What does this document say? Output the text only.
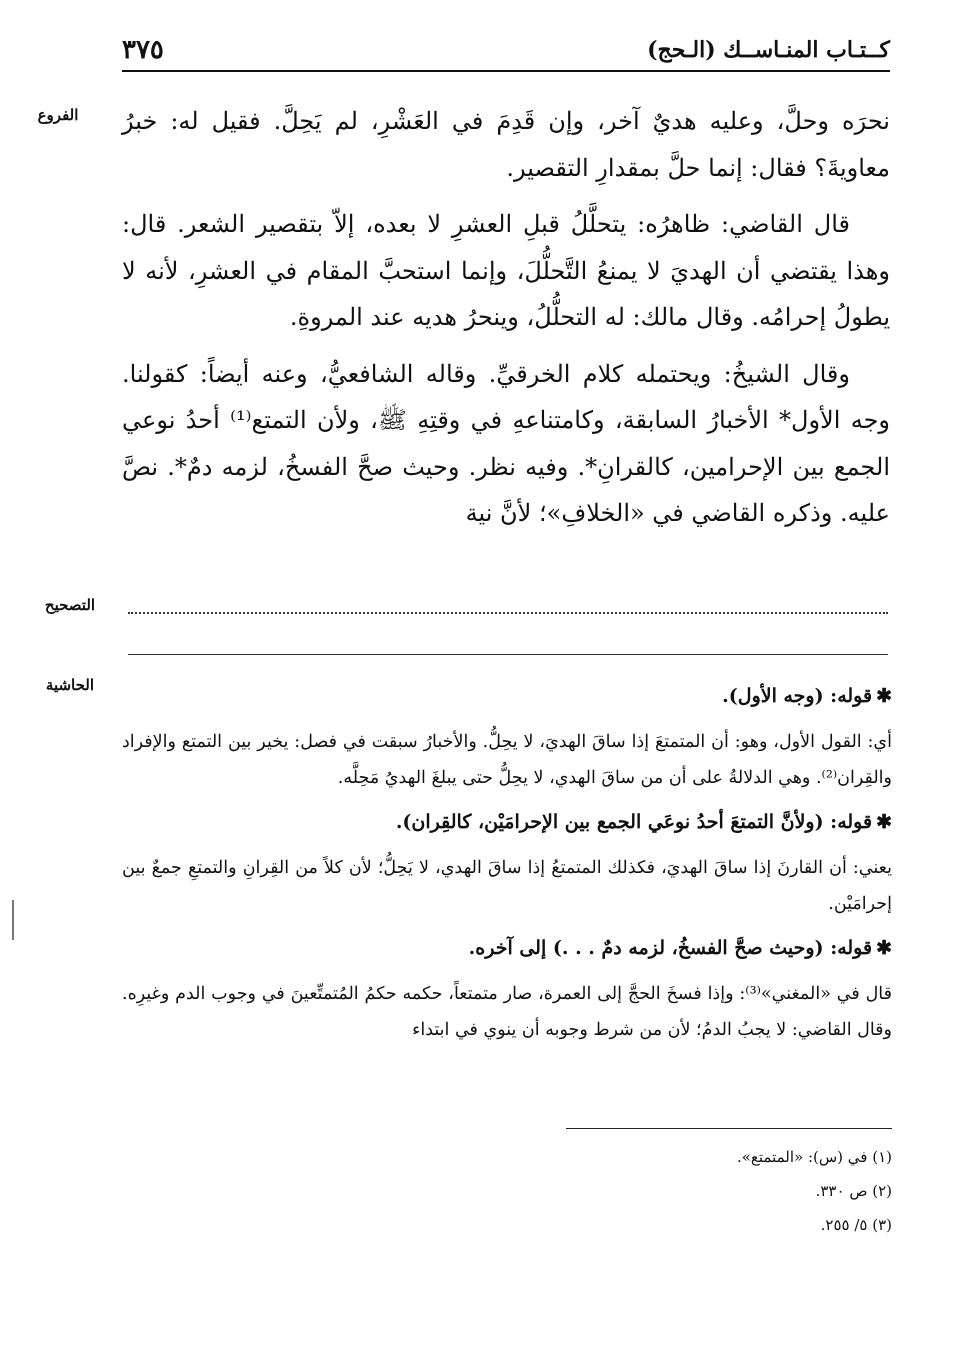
كــتـاب المنـاســك (الـحج)
٣٧٥
الفروع
التصحيح
الحاشية

نحرَه وحلَّ، وعليه هديٌ آخر، وإن قَدِمَ في العَشْرِ، لم يَحِلَّ. فقيل له: خبرُ معاويةَ؟ فقال: إنما حلَّ بمقدارِ التقصير.

قال القاضي: ظاهرُه: يتحلَّلُ قبلِ العشرِ لا بعده، إلاّ بتقصير الشعر. قال: وهذا يقتضي أن الهديَ لا يمنعُ التَّحلُّلَ، وإنما استحبَّ المقام في العشرِ، لأنه لا يطولُ إحرامُه. وقال مالك: له التحلُّلُ، وينحرُ هديه عند المروةِ.

وقال الشيخُ: ويحتمله كلام الخرقيِّ. وقاله الشافعيُّ، وعنه أيضاً: كقولنا. وجه الأول* الأخبارُ السابقة، وكامتناعهِ في وقتِهِ ﷺ، ولأن التمتع⁽¹⁾ أحدُ نوعي الجمع بين الإحرامين، كالقرانِ*. وفيه نظر. وحيث صحَّ الفسخُ، لزمه دمٌ*. نصَّ عليه. وذكره القاضي في «الخلافِ»؛ لأنَّ نية

✱قوله: (وجه الأول).

أي: القول الأول، وهو: أن المتمتعَ إذا ساقَ الهديَ، لا يحِلُّ. والأخبارُ سبقت في فصل: يخير بين التمتع والإفراد والقِران⁽²⁾. وهي الدلالةُ على أن من ساقَ الهدي، لا يحِلُّ حتى يبلغَ الهديُ مَحِلَّه.

✱قوله: (ولأنَّ التمتعَ أحدُ نوعَي الجمع بين الإحرامَيْن، كالقِران).

يعني: أن القارنَ إذا ساقَ الهديَ، فكذلك المتمتعُ إذا ساقَ الهدي، لا يَحِلُّ؛ لأن كلاً من القِرانِ والتمتعِ جمعٌ بين إحرامَيْن.

✱قوله: (وحيث صحَّ الفسخُ، لزمه دمٌ . . .) إلى آخره.

قال في «المغني»⁽³⁾: وإذا فسخَ الحجَّ إلى العمرة، صار متمتعاً، حكمه حكمُ المُتمتِّعينَ في وجوب الدم وغيرِه. وقال القاضي: لا يجبُ الدمُ؛ لأن من شرط وجوبه أن ينوي في ابتداء

(١) في (س): «المتمتع».
(٢) ص ٣٣٠.
(٣) ٥/ ٢٥٥.
